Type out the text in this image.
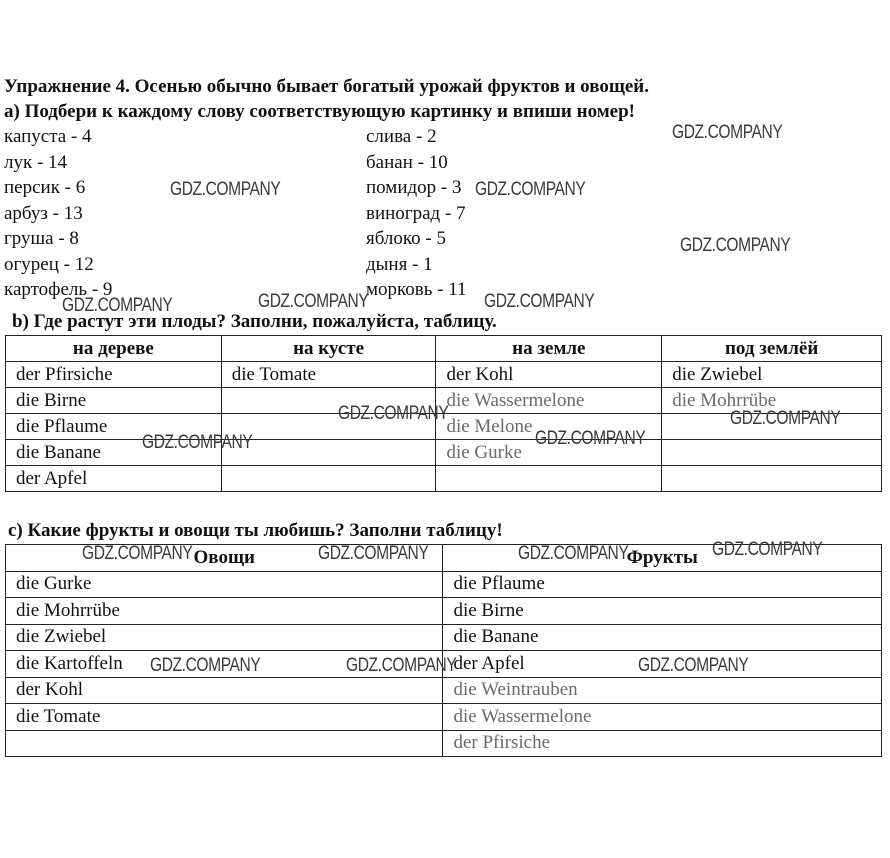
Упражнение 4. Осенью обычно бывает богатый урожай фруктов и овощей.
а) Подбери к каждому слову соответствующую картинку и впиши номер!
капуста - 4
лук - 14
персик - 6
арбуз - 13
груша - 8
огурец - 12
картофель - 9
слива - 2
банан - 10
помидор - 3
виноград - 7
яблоко - 5
дыня - 1
морковь - 11
b) Где растут эти плоды? Заполни, пожалуйста, таблицу.
на дереве	на кусте	на земле	под землёй
der Pfirsiche	die Tomate	der Kohl	die Zwiebel
die Birne		die Wassermelone	die Mohrrübe
die Pflaume		die Melone	
die Banane		die Gurke	
der Apfel			
c) Какие фрукты и овощи ты любишь? Заполни таблицу!
Овощи	Фрукты
die Gurke	die Pflaume
die Mohrrübe	die Birne
die Zwiebel	die Banane
die Kartoffeln	der Apfel
der Kohl	die Weintrauben
die Tomate	die Wassermelone
	der Pfirsiche
GDZ.COMPANY
GDZ.COMPANY	GDZ.COMPANY
GDZ.COMPANY
GDZ.COMPANY	GDZ.COMPANY	GDZ.COMPANY
GDZ.COMPANY	GDZ.COMPANY
GDZ.COMPANY	GDZ.COMPANY
GDZ.COMPANY	GDZ.COMPANY	GDZ.COMPANY	GDZ.COMPANY
GDZ.COMPANY	GDZ.COMPANY	GDZ.COMPANY
